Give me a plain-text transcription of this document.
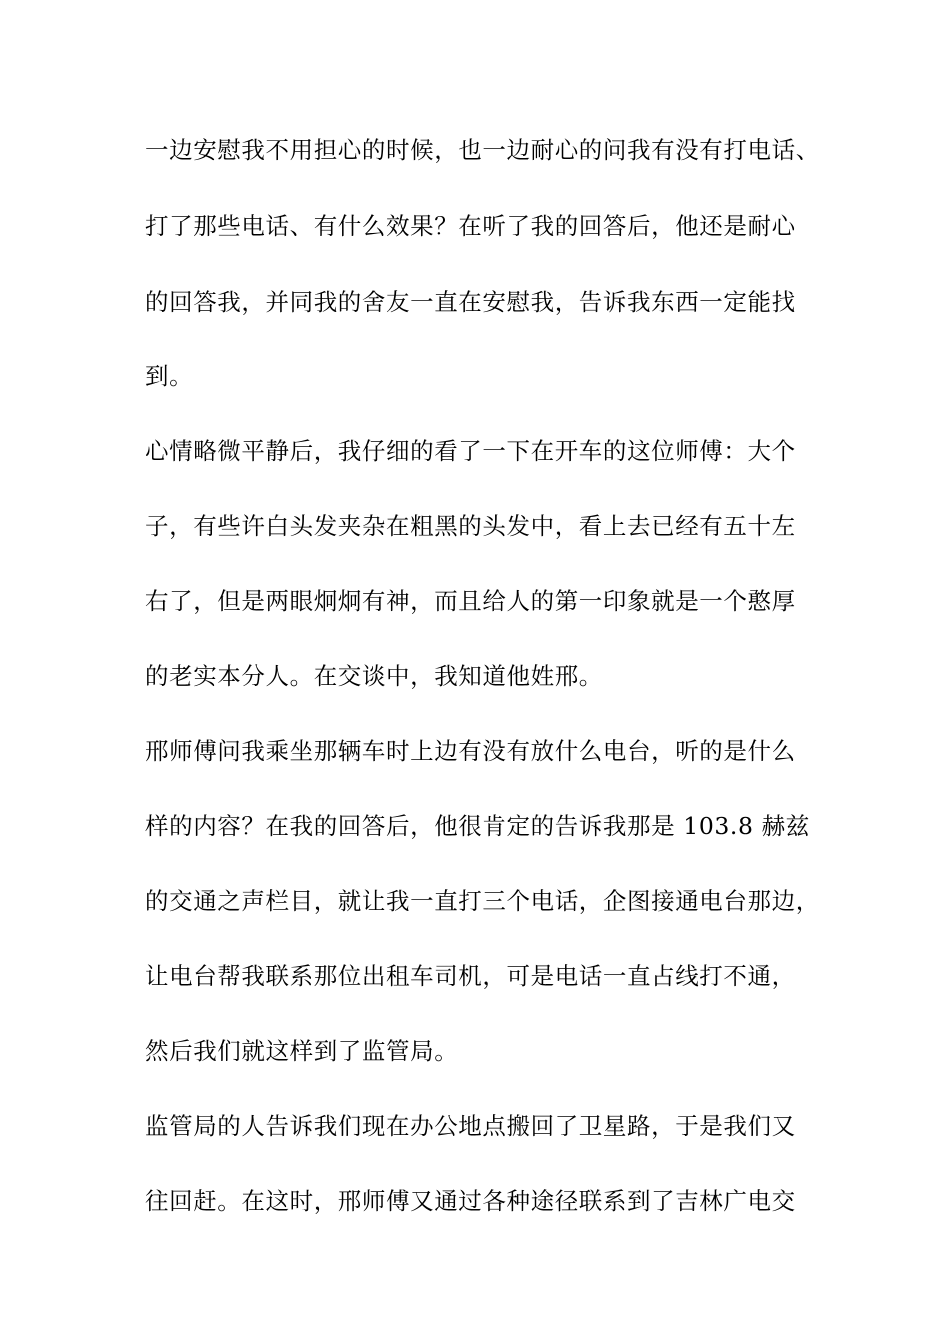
一边安慰我不用担心的时候，也一边耐心的问我有没有打电话、
打了那些电话、有什么效果？在听了我的回答后，他还是耐心
的回答我，并同我的舍友一直在安慰我，告诉我东西一定能找
到。
心情略微平静后，我仔细的看了一下在开车的这位师傅：大个
子，有些许白头发夹杂在粗黑的头发中，看上去已经有五十左
右了，但是两眼炯炯有神，而且给人的第一印象就是一个憨厚
的老实本分人。在交谈中，我知道他姓邢。
邢师傅问我乘坐那辆车时上边有没有放什么电台，听的是什么
样的内容？在我的回答后，他很肯定的告诉我那是 103.8 赫兹
的交通之声栏目，就让我一直打三个电话，企图接通电台那边，
让电台帮我联系那位出租车司机，可是电话一直占线打不通，
然后我们就这样到了监管局。
监管局的人告诉我们现在办公地点搬回了卫星路，于是我们又
往回赶。在这时，邢师傅又通过各种途径联系到了吉林广电交
